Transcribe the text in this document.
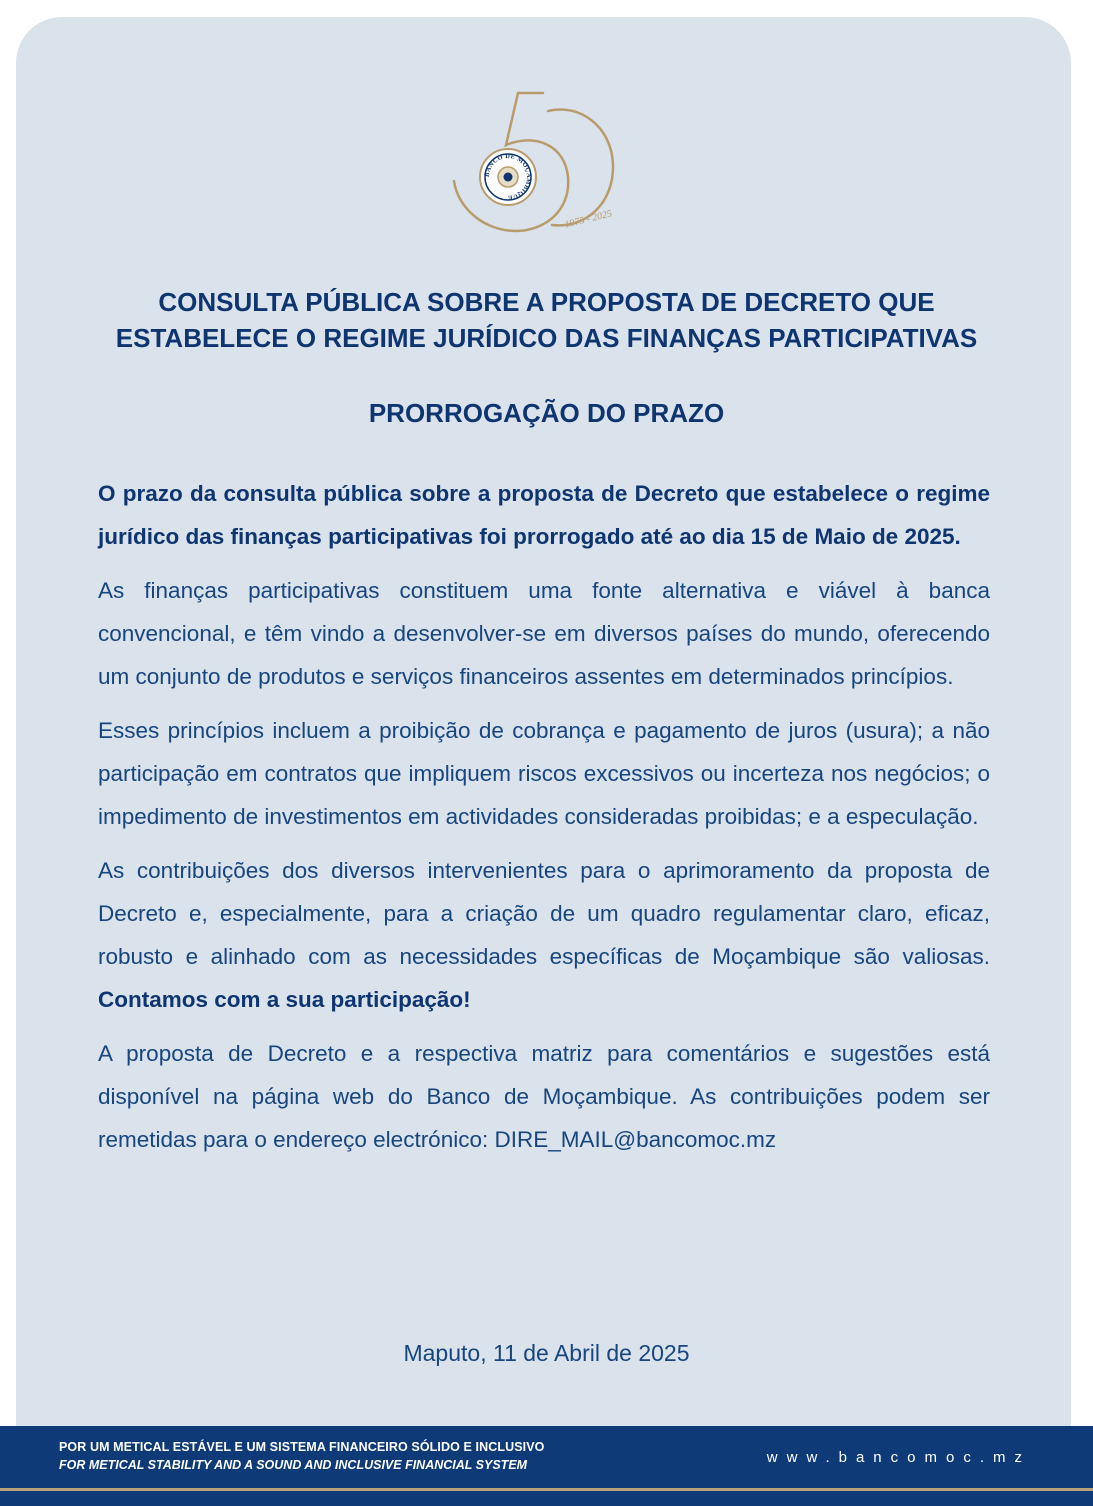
BANCO DE MOÇAMBIQUE
1975 - 2025
CONSULTA PÚBLICA SOBRE A PROPOSTA DE DECRETO QUE
ESTABELECE O REGIME JURÍDICO DAS FINANÇAS PARTICIPATIVAS
PRORROGAÇÃO DO PRAZO

O prazo da consulta pública sobre a proposta de Decreto que estabelece o regime jurídico das finanças participativas foi prorrogado até ao dia 15 de Maio de 2025.

As finanças participativas constituem uma fonte alternativa e viável à banca convencional, e têm vindo a desenvolver-se em diversos países do mundo, oferecendo um conjunto de produtos e serviços financeiros assentes em determinados princípios.

Esses princípios incluem a proibição de cobrança e pagamento de juros (usura); a não participação em contratos que impliquem riscos excessivos ou incerteza nos negócios; o impedimento de investimentos em actividades consideradas proibidas; e a especulação.

As contribuições dos diversos intervenientes para o aprimoramento da proposta de Decreto e, especialmente, para a criação de um quadro regulamentar claro, eficaz, robusto e alinhado com as necessidades específicas de Moçambique são valiosas. Contamos com a sua participação!

A proposta de Decreto e a respectiva matriz para comentários e sugestões está disponível na página web do Banco de Moçambique. As contribuições podem ser remetidas para o endereço electrónico: DIRE_MAIL@bancomoc.mz

Maputo, 11 de Abril de 2025
POR UM METICAL ESTÁVEL E UM SISTEMA FINANCEIRO SÓLIDO E INCLUSIVO
FOR METICAL STABILITY AND A SOUND AND INCLUSIVE FINANCIAL SYSTEM	www.bancomoc.mz
